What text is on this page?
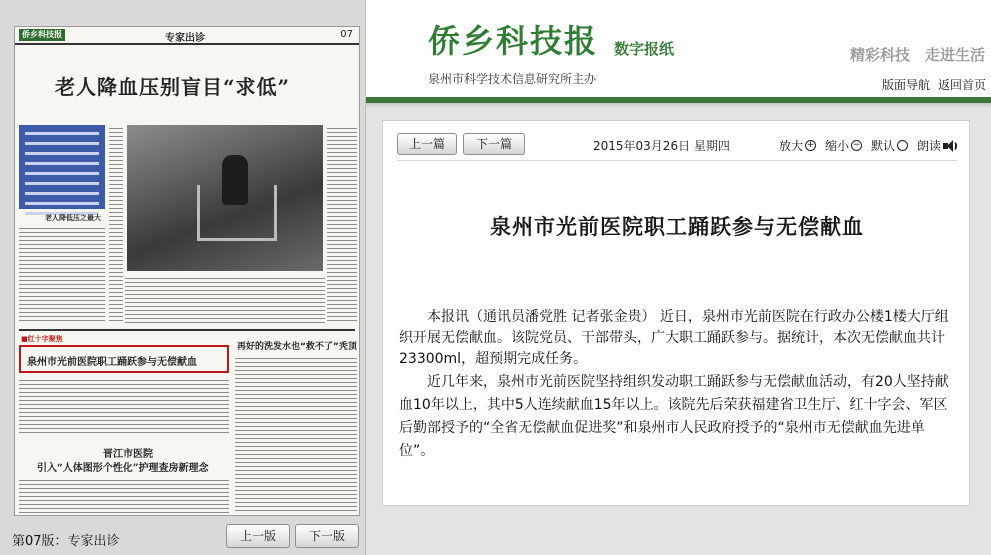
侨乡科技报	专家出诊	07
老人降血压别盲目“求低”
老人降低压之最大
■红十字聚焦
再好的洗发水也“救不了”秃顶
泉州市光前医院职工踊跃参与无偿献血
晋江市医院
引入“人体图形个性化”护理查房新理念
第07版：专家出诊	上一版	下一版
侨乡科技报 数字报纸	精彩科技　走进生活
泉州市科学技术信息研究所主办	版面导航 返回首页
上一篇	下一篇	2015年03月26日 星期四	放大 + 缩小 − 默认 朗读
泉州市光前医院职工踊跃参与无偿献血

本报讯（通讯员潘党胜 记者张金贵） 近日，泉州市光前医院在行政办公楼1楼大厅组织开展无偿献血。该院党员、干部带头，广大职工踊跃参与。据统计，本次无偿献血共计23300ml，超预期完成任务。

近几年来，泉州市光前医院坚持组织发动职工踊跃参与无偿献血活动，有20人坚持献血10年以上，其中5人连续献血15年以上。该院先后荣获福建省卫生厅、红十字会、军区后勤部授予的“全省无偿献血促进奖”和泉州市人民政府授予的“泉州市无偿献血先进单位”。
